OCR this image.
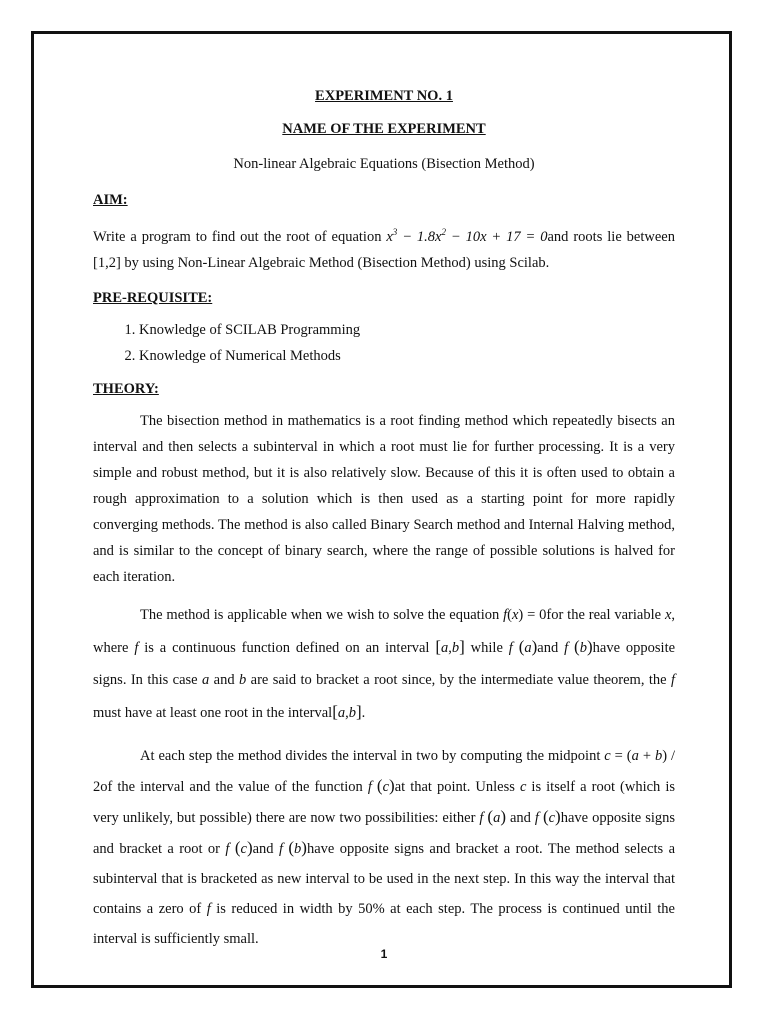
EXPERIMENT NO. 1
NAME OF THE EXPERIMENT
Non-linear Algebraic Equations (Bisection Method)
AIM:
Write a program to find out the root of equation $x^3 - 1.8x^2 - 10x + 17 = 0and$ roots lie between [1,2] by using Non-Linear Algebraic Method (Bisection Method) using Scilab.
PRE-REQUISITE:
1. Knowledge of SCILAB Programming
2. Knowledge of Numerical Methods
THEORY:
The bisection method in mathematics is a root finding method which repeatedly bisects an interval and then selects a subinterval in which a root must lie for further processing. It is a very simple and robust method, but it is also relatively slow. Because of this it is often used to obtain a rough approximation to a solution which is then used as a starting point for more rapidly converging methods. The method is also called Binary Search method and Internal Halving method, and is similar to the concept of binary search, where the range of possible solutions is halved for each iteration.
The method is applicable when we wish to solve the equation f(x) = 0for the real variable x, where f is a continuous function defined on an interval [a,b] while f (a)and f (b)have opposite signs. In this case a and b are said to bracket a root since, by the intermediate value theorem, the f must have at least one root in the interval[a,b].
At each step the method divides the interval in two by computing the midpoint c = (a + b) / 2of the interval and the value of the function f (c)at that point. Unless c is itself a root (which is very unlikely, but possible) there are now two possibilities: either f (a) and f (c)have opposite signs and bracket a root or f (c)and f (b)have opposite signs and bracket a root. The method selects a subinterval that is bracketed as new interval to be used in the next step. In this way the interval that contains a zero of f is reduced in width by 50% at each step. The process is continued until the interval is sufficiently small.
1
